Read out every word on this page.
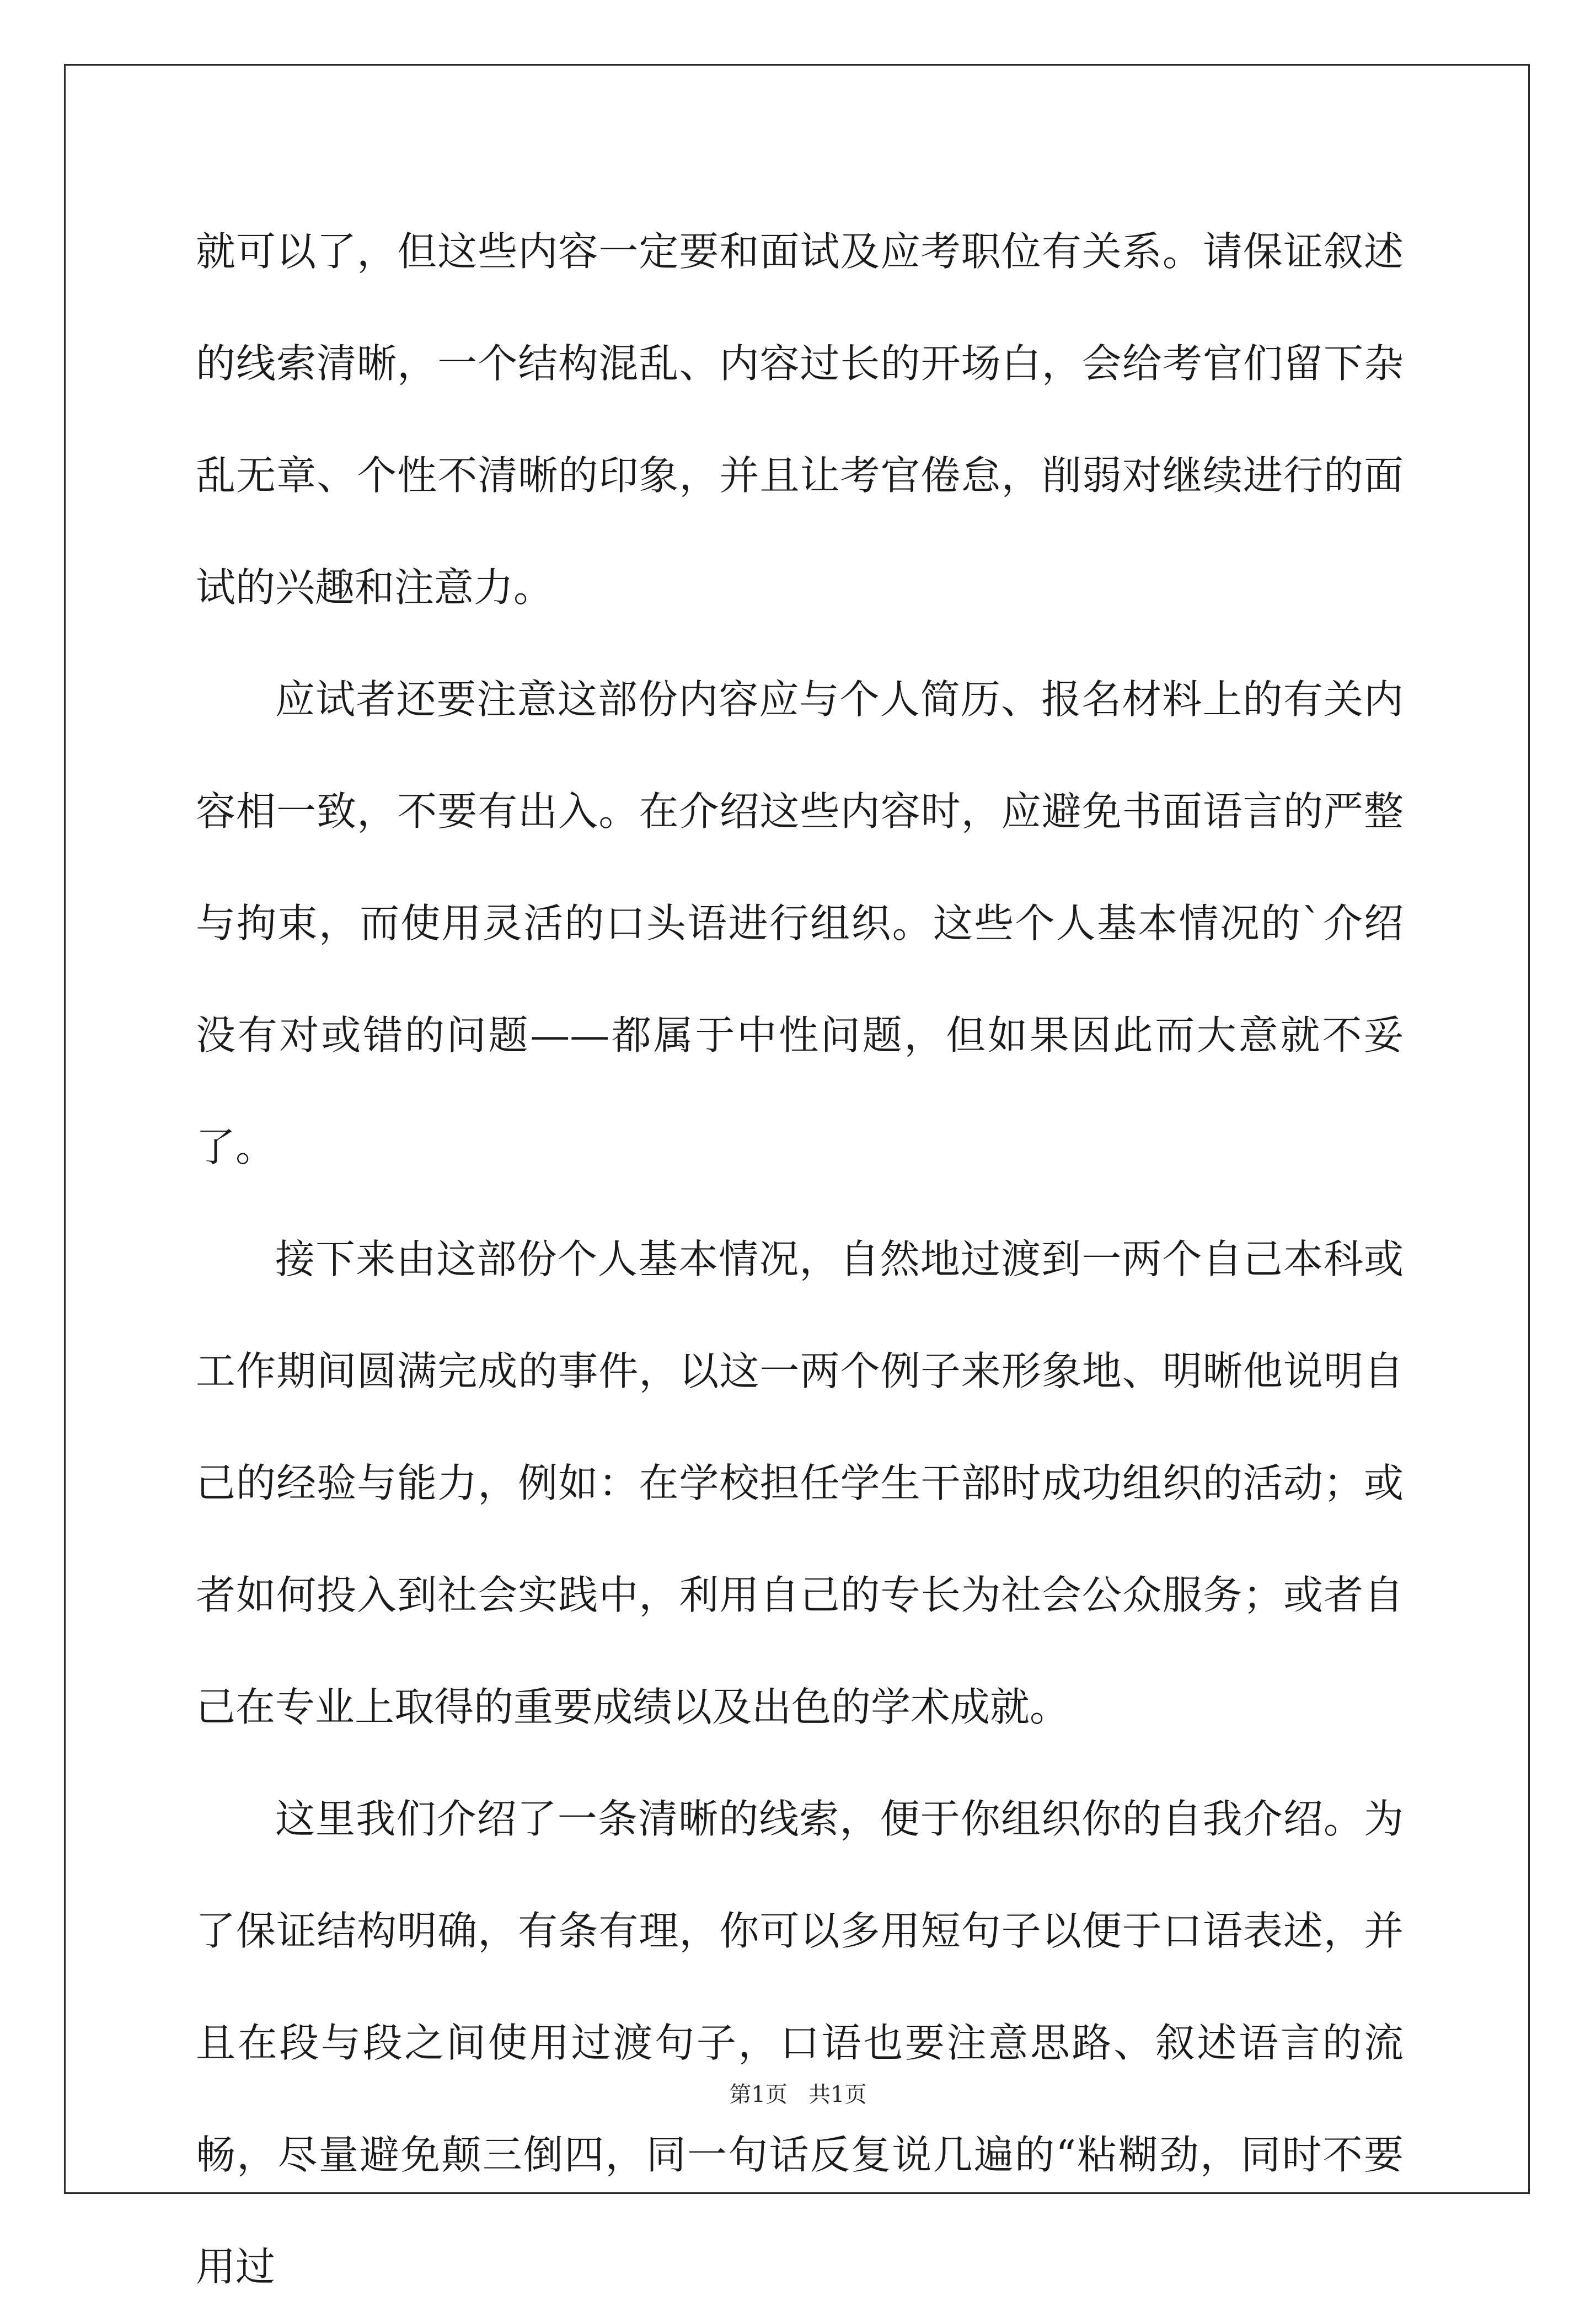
就可以了，但这些内容一定要和面试及应考职位有关系。请保证叙述的线索清晰，一个结构混乱、内容过长的开场白，会给考官们留下杂乱无章、个性不清晰的印象，并且让考官倦怠，削弱对继续进行的面试的兴趣和注意力。

应试者还要注意这部份内容应与个人简历、报名材料上的有关内容相一致，不要有出入。在介绍这些内容时，应避免书面语言的严整与拘束，而使用灵活的口头语进行组织。这些个人基本情况的`介绍没有对或错的问题——都属于中性问题，但如果因此而大意就不妥了。

接下来由这部份个人基本情况，自然地过渡到一两个自己本科或工作期间圆满完成的事件，以这一两个例子来形象地、明晰他说明自己的经验与能力，例如：在学校担任学生干部时成功组织的活动；或者如何投入到社会实践中，利用自己的专长为社会公众服务；或者自己在专业上取得的重要成绩以及出色的学术成就。

这里我们介绍了一条清晰的线索，便于你组织你的自我介绍。为了保证结构明确，有条有理，你可以多用短句子以便于口语表述，并且在段与段之间使用过渡句子，口语也要注意思路、叙述语言的流畅，尽量避免颠三倒四，同一句话反复说几遍的“粘糊劲，同时不要用过

第1页   共1页
